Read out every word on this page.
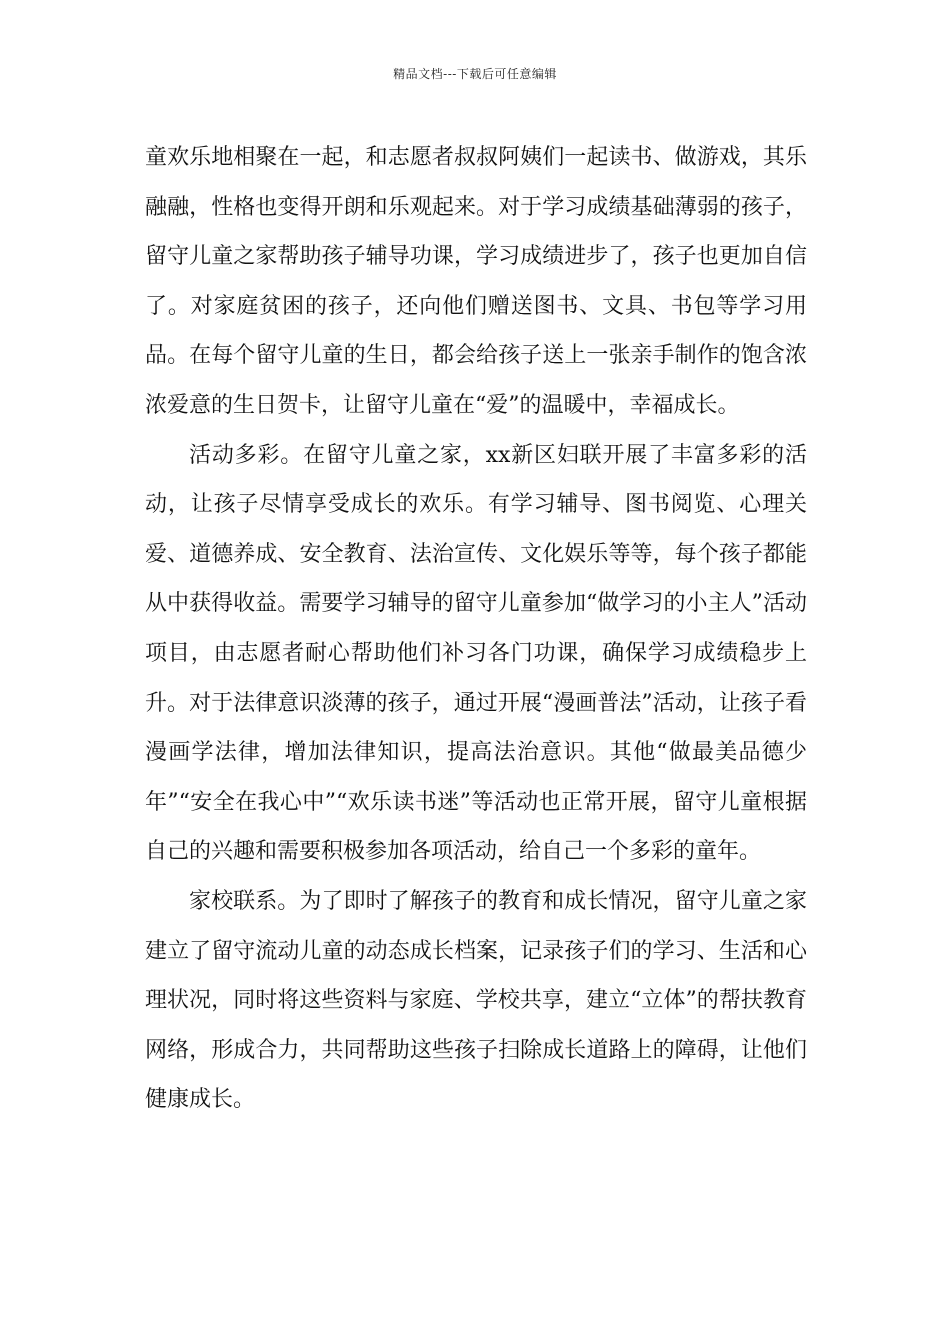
精品文档---下载后可任意编辑

童欢乐地相聚在一起，和志愿者叔叔阿姨们一起读书、做游戏，其乐融融，性格也变得开朗和乐观起来。对于学习成绩基础薄弱的孩子，留守儿童之家帮助孩子辅导功课，学习成绩进步了，孩子也更加自信了。对家庭贫困的孩子，还向他们赠送图书、文具、书包等学习用品。在每个留守儿童的生日，都会给孩子送上一张亲手制作的饱含浓浓爱意的生日贺卡，让留守儿童在“爱”的温暖中，幸福成长。

活动多彩。在留守儿童之家，xx新区妇联开展了丰富多彩的活动，让孩子尽情享受成长的欢乐。有学习辅导、图书阅览、心理关爱、道德养成、安全教育、法治宣传、文化娱乐等等，每个孩子都能从中获得收益。需要学习辅导的留守儿童参加“做学习的小主人”活动项目，由志愿者耐心帮助他们补习各门功课，确保学习成绩稳步上升。对于法律意识淡薄的孩子，通过开展“漫画普法”活动，让孩子看漫画学法律，增加法律知识，提高法治意识。其他“做最美品德少年”“安全在我心中”“欢乐读书迷”等活动也正常开展，留守儿童根据自己的兴趣和需要积极参加各项活动，给自己一个多彩的童年。

家校联系。为了即时了解孩子的教育和成长情况，留守儿童之家建立了留守流动儿童的动态成长档案，记录孩子们的学习、生活和心理状况，同时将这些资料与家庭、学校共享，建立“立体”的帮扶教育网络，形成合力，共同帮助这些孩子扫除成长道路上的障碍，让他们健康成长。
